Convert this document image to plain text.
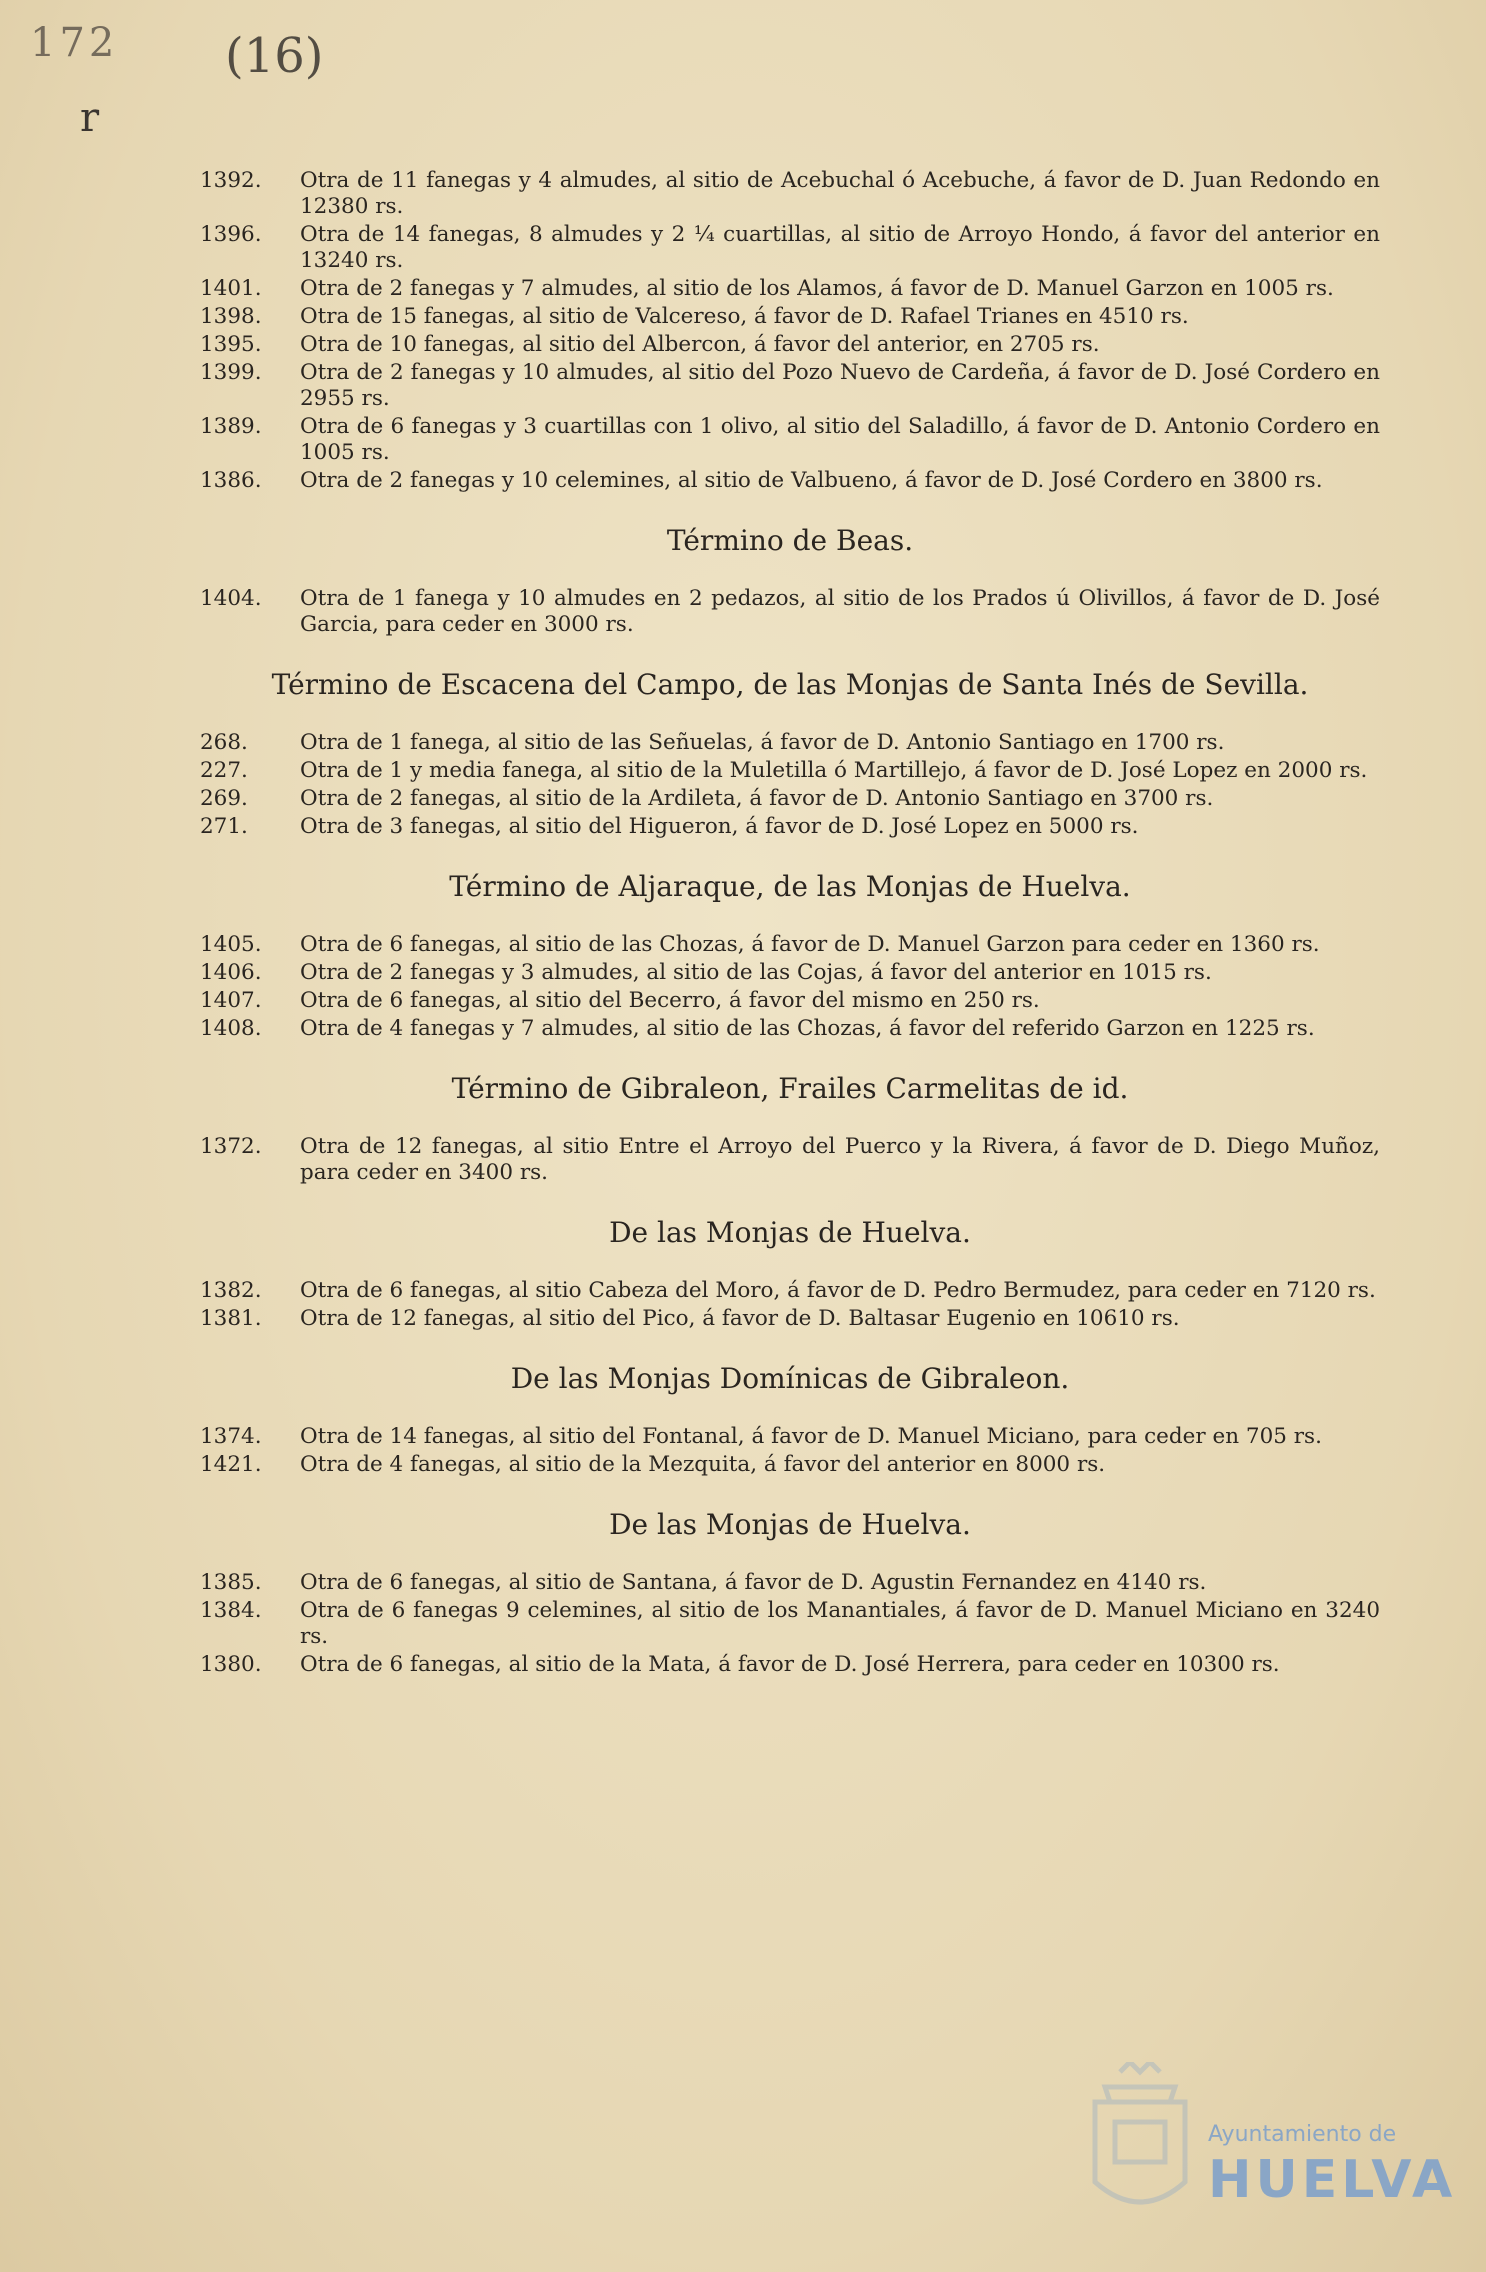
172 (16)
r
1392.	Otra de 11 fanegas y 4 almudes, al sitio de Acebuchal ó Acebuche, á favor de D. Juan Redondo en 12380 rs.
1396.	Otra de 14 fanegas, 8 almudes y 2 ¼ cuartillas, al sitio de Arroyo Hondo, á favor del anterior en 13240 rs.
1401.	Otra de 2 fanegas y 7 almudes, al sitio de los Alamos, á favor de D. Manuel Garzon en 1005 rs.
1398.	Otra de 15 fanegas, al sitio de Valcereso, á favor de D. Rafael Trianes en 4510 rs.
1395.	Otra de 10 fanegas, al sitio del Albercon, á favor del anterior, en 2705 rs.
1399.	Otra de 2 fanegas y 10 almudes, al sitio del Pozo Nuevo de Cardeña, á favor de D. José Cordero en 2955 rs.
1389.	Otra de 6 fanegas y 3 cuartillas con 1 olivo, al sitio del Saladillo, á favor de D. Antonio Cordero en 1005 rs.
1386.	Otra de 2 fanegas y 10 celemines, al sitio de Valbueno, á favor de D. José Cordero en 3800 rs.
Término de Beas.
1404.	Otra de 1 fanega y 10 almudes en 2 pedazos, al sitio de los Prados ú Olivillos, á favor de D. José Garcia, para ceder en 3000 rs.
Término de Escacena del Campo, de las Monjas de Santa Inés de Sevilla.
268.	Otra de 1 fanega, al sitio de las Señuelas, á favor de D. Antonio Santiago en 1700 rs.
227.	Otra de 1 y media fanega, al sitio de la Muletilla ó Martillejo, á favor de D. José Lopez en 2000 rs.
269.	Otra de 2 fanegas, al sitio de la Ardileta, á favor de D. Antonio Santiago en 3700 rs.
271.	Otra de 3 fanegas, al sitio del Higueron, á favor de D. José Lopez en 5000 rs.
Término de Aljaraque, de las Monjas de Huelva.
1405.	Otra de 6 fanegas, al sitio de las Chozas, á favor de D. Manuel Garzon para ceder en 1360 rs.
1406.	Otra de 2 fanegas y 3 almudes, al sitio de las Cojas, á favor del anterior en 1015 rs.
1407.	Otra de 6 fanegas, al sitio del Becerro, á favor del mismo en 250 rs.
1408.	Otra de 4 fanegas y 7 almudes, al sitio de las Chozas, á favor del referido Garzon en 1225 rs.
Término de Gibraleon, Frailes Carmelitas de id.
1372.	Otra de 12 fanegas, al sitio Entre el Arroyo del Puerco y la Rivera, á favor de D. Diego Muñoz, para ceder en 3400 rs.
De las Monjas de Huelva.
1382.	Otra de 6 fanegas, al sitio Cabeza del Moro, á favor de D. Pedro Bermudez, para ceder en 7120 rs.
1381.	Otra de 12 fanegas, al sitio del Pico, á favor de D. Baltasar Eugenio en 10610 rs.
De las Monjas Domínicas de Gibraleon.
1374.	Otra de 14 fanegas, al sitio del Fontanal, á favor de D. Manuel Miciano, para ceder en 705 rs.
1421.	Otra de 4 fanegas, al sitio de la Mezquita, á favor del anterior en 8000 rs.
De las Monjas de Huelva.
1385.	Otra de 6 fanegas, al sitio de Santana, á favor de D. Agustin Fernandez en 4140 rs.
1384.	Otra de 6 fanegas 9 celemines, al sitio de los Manantiales, á favor de D. Manuel Miciano en 3240 rs.
1380.	Otra de 6 fanegas, al sitio de la Mata, á favor de D. José Herrera, para ceder en 10300 rs.
Ayuntamiento de
HUELVA
